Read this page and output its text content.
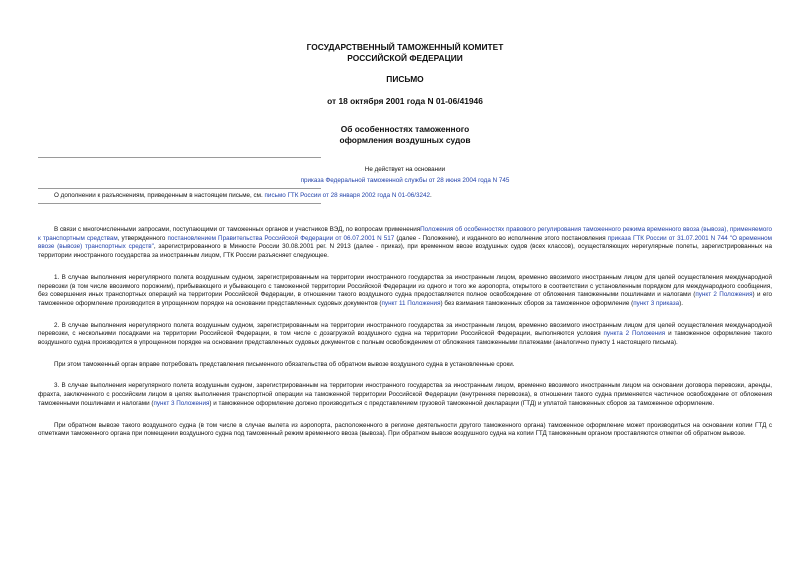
ГОСУДАРСТВЕННЫЙ ТАМОЖЕННЫЙ КОМИТЕТ
РОССИЙСКОЙ ФЕДЕРАЦИИ
ПИСЬМО
от 18 октября 2001 года N 01-06/41946
Об особенностях таможенного
оформления воздушных судов
Не действует на основании
приказа Федеральной таможенной службы от 28 июня 2004 года N 745
О дополнении к разъяснениям, приведенным в настоящем письме, см. письмо ГТК России от 28 января 2002 года N 01-06/3242.

В связи с многочисленными запросами, поступающими от таможенных органов и участников ВЭД, по вопросам примененияПоложения об особенностях правового регулирования таможенного режима временного ввоза (вывоза), применяемого к транспортным средствам, утвержденного постановлением Правительства Российской Федерации от 06.07.2001 N 517 (далее - Положение), и изданного во исполнение этого постановления приказа ГТК России от 31.07.2001 N 744 "О временном ввозе (вывозе) транспортных средств", зарегистрированного в Минюсте России 30.08.2001 рег. N 2913 (далее - приказ), при временном ввозе воздушных судов (всех классов), осуществляющих нерегулярные полеты, зарегистрированных на территории иностранного государства за иностранным лицом, ГТК России разъясняет следующее.

1. В случае выполнения нерегулярного полета воздушным судном, зарегистрированным на территории иностранного государства за иностранным лицом, временно ввозимого иностранным лицом для целей осуществления международной перевозки (в том числе ввозимого порожним), прибывающего и убывающего с таможенной территории Российской Федерации из одного и того же аэропорта, открытого в соответствии с установленным порядком для международного сообщения, без совершения иных транспортных операций на территории Российской Федерации, в отношении такого воздушного судна предоставляется полное освобождение от обложения таможенными пошлинами и налогами (пункт 2 Положения) и его таможенное оформление производится в упрощенном порядке на основании представленных судовых документов (пункт 11 Положения) без взимания таможенных сборов за таможенное оформление (пункт 3 приказа).

2. В случае выполнения нерегулярного полета воздушным судном, зарегистрированным на территории иностранного государства за иностранным лицом, временно ввозимого иностранным лицом для целей осуществления международной перевозки, с несколькими посадками на территории Российской Федерации, в том числе с дозагрузкой воздушного судна на территории Российской Федерации, выполняются условия пункта 2 Положения и таможенное оформление такого воздушного судна производится в упрощенном порядке на основании представленных судовых документов с полным освобождением от обложения таможенными платежами (аналогично пункту 1 настоящего письма).

При этом таможенный орган вправе потребовать представления письменного обязательства об обратном вывозе воздушного судна в установленные сроки.

3. В случае выполнения нерегулярного полета воздушным судном, зарегистрированным на территории иностранного государства за иностранным лицом, временно ввозимого иностранным лицом на основании договора перевозки, аренды, фрахта, заключенного с российским лицом в целях выполнения транспортной операции на таможенной территории Российской Федерации (внутренняя перевозка), в отношении такого судна применяется частичное освобождение от обложения таможенными пошлинами и налогами (пункт 3 Положения) и таможенное оформление должно производиться с представлением грузовой таможенной декларации (ГТД) и уплатой таможенных сборов за таможенное оформление.

При обратном вывозе такого воздушного судна (в том числе в случае вылета из аэропорта, расположенного в регионе деятельности другого таможенного органа) таможенное оформление может производиться на основании копии ГТД с отметками таможенного органа при помещении воздушного судна под таможенный режим временного ввоза (вывоза). При обратном вывозе воздушного судна на копии ГТД таможенным органом проставляются отметки об обратном вывозе.
